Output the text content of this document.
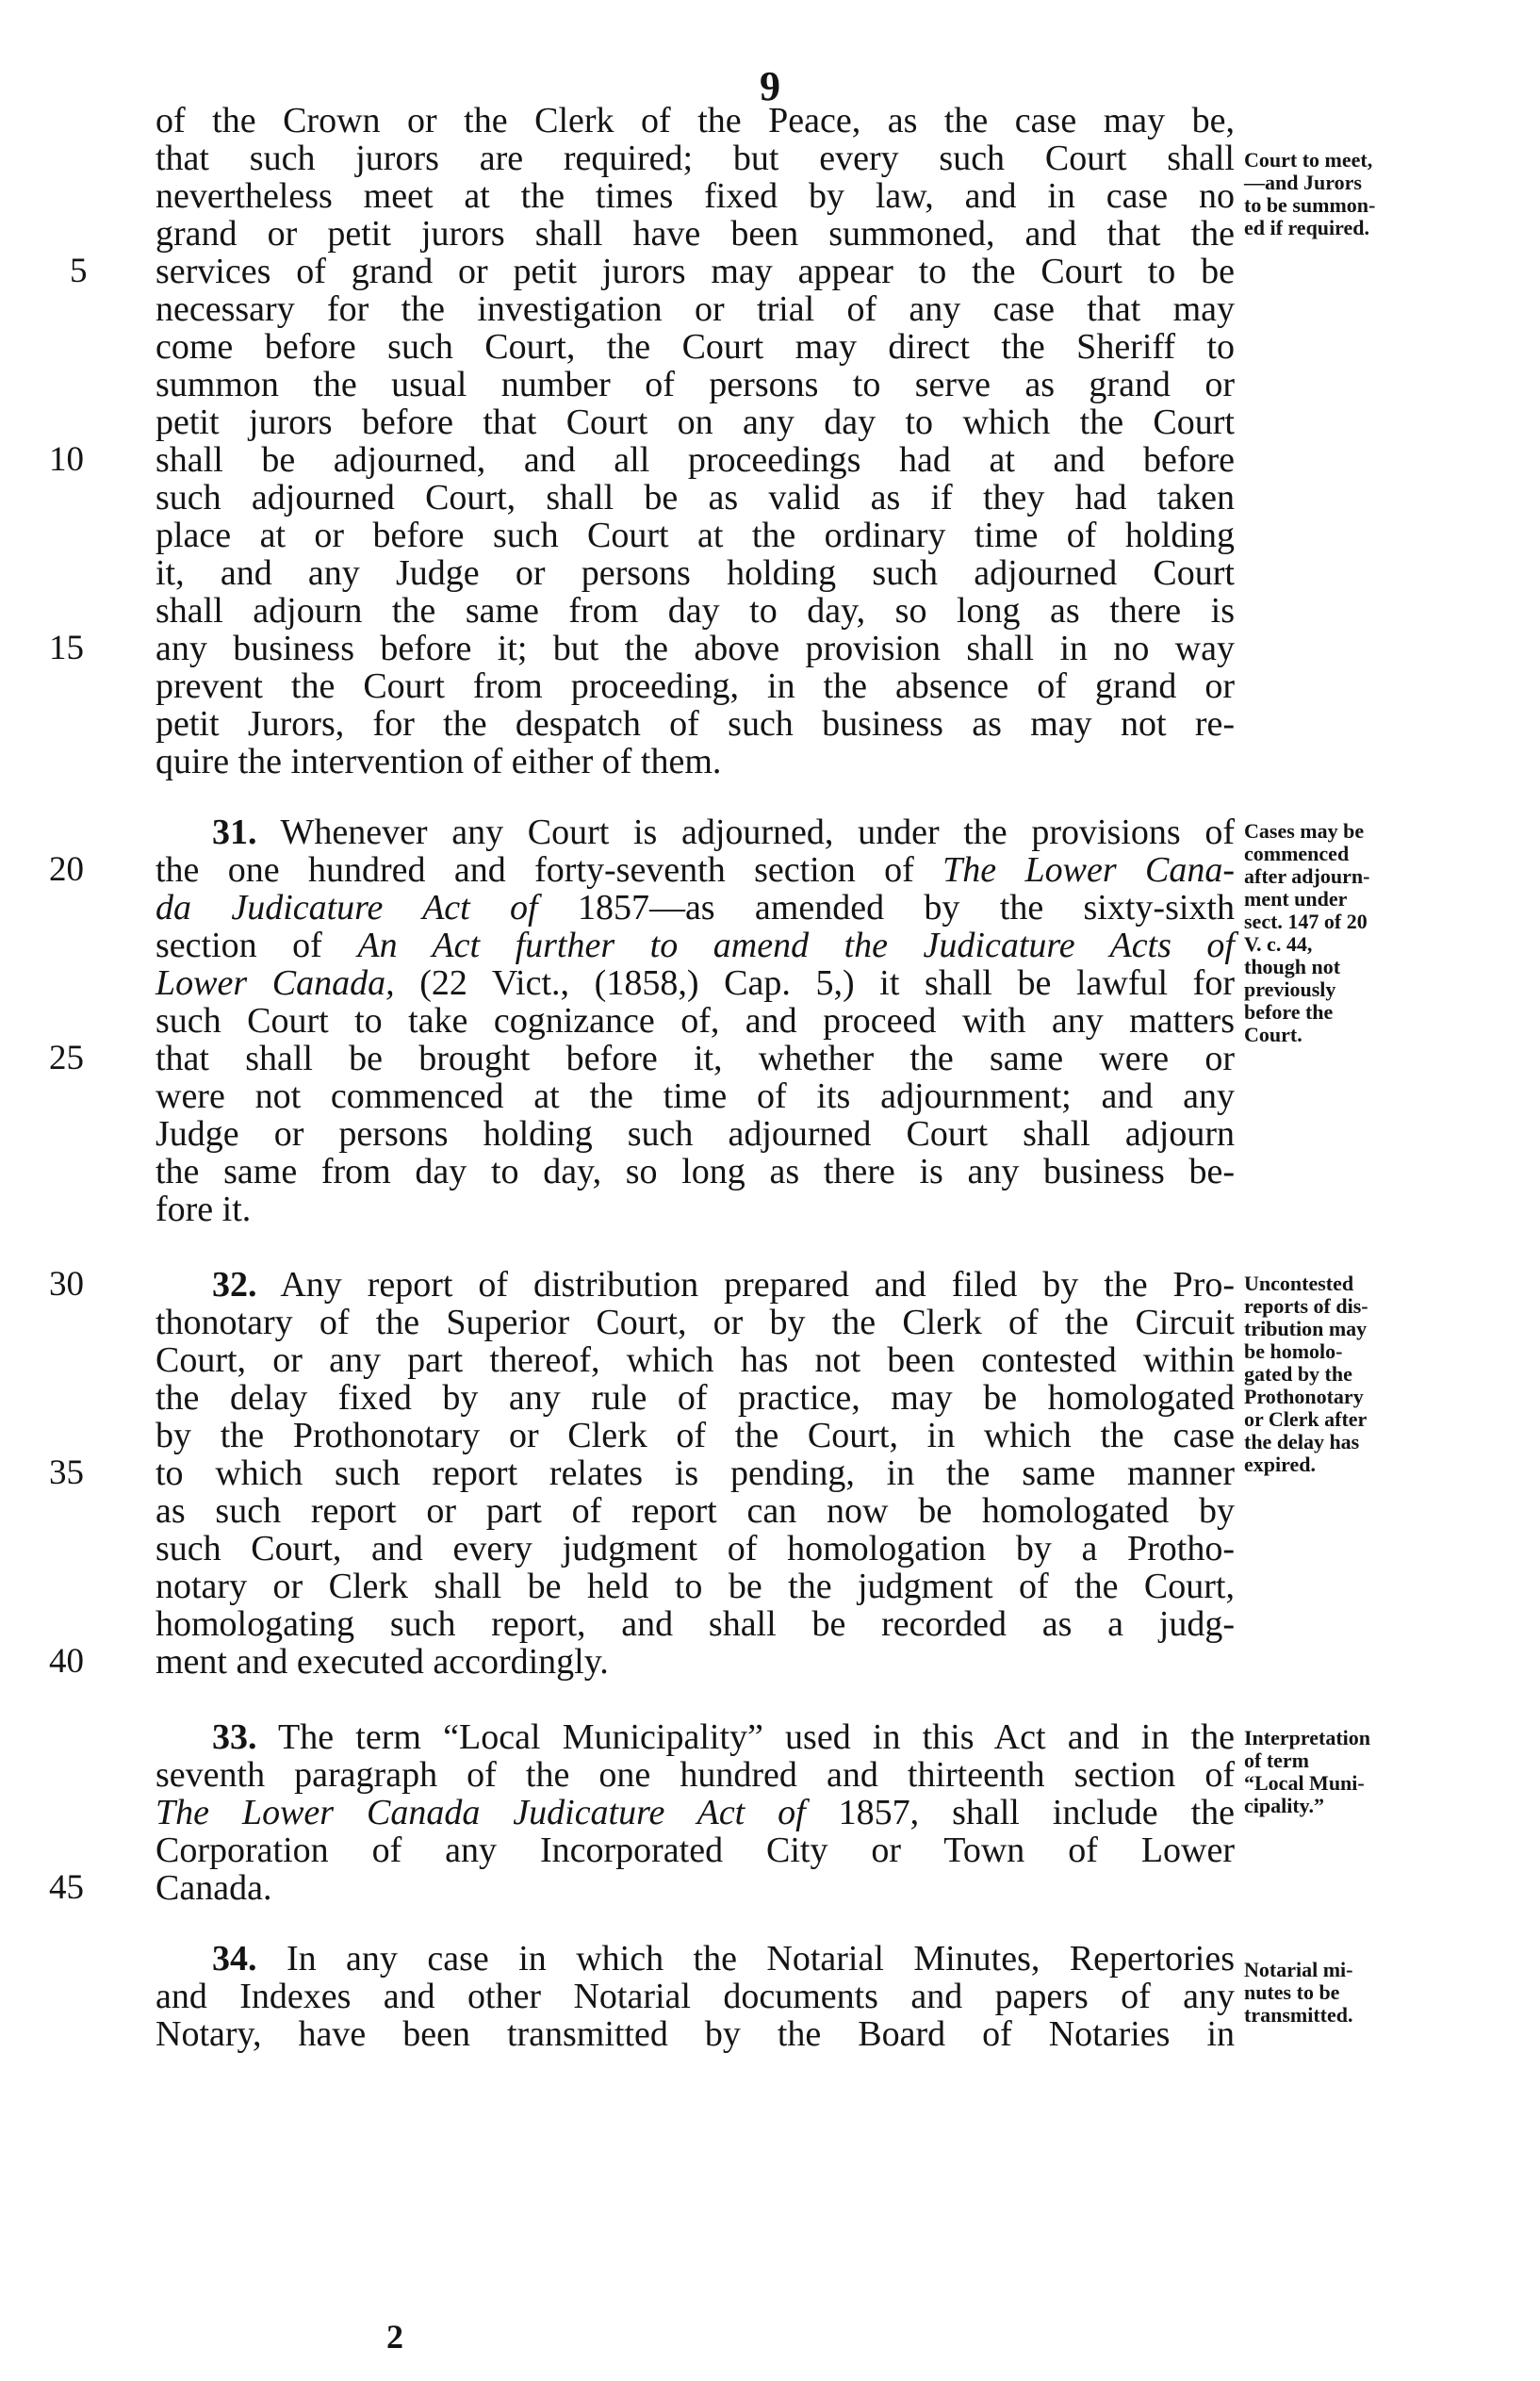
9
of the Crown or the Clerk of the Peace, as the case may be,
that such jurors are required; but every such Court shall
nevertheless meet at the times fixed by law, and in case no
grand or petit jurors shall have been summoned, and that the
services of grand or petit jurors may appear to the Court to be
necessary for the investigation or trial of any case that may
come before such Court, the Court may direct the Sheriff to
summon the usual number of persons to serve as grand or
petit jurors before that Court on any day to which the Court
shall be adjourned, and all proceedings had at and before
such adjourned Court, shall be as valid as if they had taken
place at or before such Court at the ordinary time of holding
it, and any Judge or persons holding such adjourned Court
shall adjourn the same from day to day, so long as there is
any business before it; but the above provision shall in no way
prevent the Court from proceeding, in the absence of grand or
petit Jurors, for the despatch of such business as may not re-
quire the intervention of either of them.
31. Whenever any Court is adjourned, under the provisions of
the one hundred and forty-seventh section of The Lower Cana-
da Judicature Act of 1857—as amended by the sixty-sixth
section of An Act further to amend the Judicature Acts of
Lower Canada, (22 Vict., (1858,) Cap. 5,) it shall be lawful for
such Court to take cognizance of, and proceed with any matters
that shall be brought before it, whether the same were or
were not commenced at the time of its adjournment; and any
Judge or persons holding such adjourned Court shall adjourn
the same from day to day, so long as there is any business be-
fore it.
32. Any report of distribution prepared and filed by the Pro-
thonotary of the Superior Court, or by the Clerk of the Circuit
Court, or any part thereof, which has not been contested within
the delay fixed by any rule of practice, may be homologated
by the Prothonotary or Clerk of the Court, in which the case
to which such report relates is pending, in the same manner
as such report or part of report can now be homologated by
such Court, and every judgment of homologation by a Protho-
notary or Clerk shall be held to be the judgment of the Court,
homologating such report, and shall be recorded as a judg-
ment and executed accordingly.
33. The term “Local Municipality” used in this Act and in the
seventh paragraph of the one hundred and thirteenth section of
The Lower Canada Judicature Act of 1857, shall include the
Corporation of any Incorporated City or Town of Lower
Canada.
34. In any case in which the Notarial Minutes, Repertories
and Indexes and other Notarial documents and papers of any
Notary, have been transmitted by the Board of Notaries in
5
10
15
20
25
30
35
40
45
Court to meet,
—and Jurors
to be summon-
ed if required.
Cases may be
commenced
after adjourn-
ment under
sect. 147 of 20
V. c. 44,
though not
previously
before the
Court.
Uncontested
reports of dis-
tribution may
be homolo-
gated by the
Prothonotary
or Clerk after
the delay has
expired.
Interpretation
of term
“Local Muni-
cipality.”
Notarial mi-
nutes to be
transmitted.
2
